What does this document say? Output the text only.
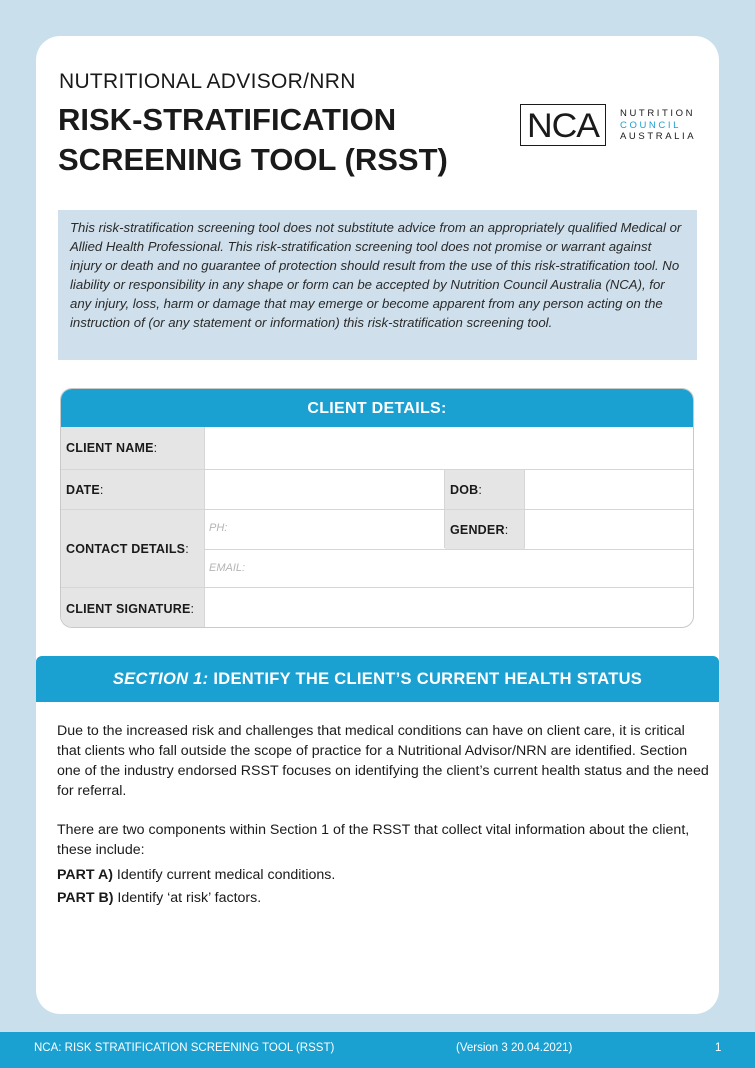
NUTRITIONAL ADVISOR/NRN
RISK-STRATIFICATION
SCREENING TOOL (RSST)
NCA NUTRITION
COUNCIL
AUSTRALIA
This risk-stratification screening tool does not substitute advice from an appropriately qualified Medical or Allied Health Professional. This risk-stratification screening tool does not promise or warrant against injury or death and no guarantee of protection should result from the use of this risk-stratification tool. No liability or responsibility in any shape or form can be accepted by Nutrition Council Australia (NCA), for any injury, loss, harm or damage that may emerge or become apparent from any person acting on the instruction of (or any statement or information) this risk-stratification screening tool.
CLIENT DETAILS:
CLIENT NAME :
DATE :	DOB :
CONTACT DETAILS :
PH:	GENDER :
EMAIL:
CLIENT SIGNATURE :
SECTION 1: IDENTIFY THE CLIENT’S CURRENT HEALTH STATUS
Due to the increased risk and challenges that medical conditions can have on client care, it is critical that clients who fall outside the scope of practice for a Nutritional Advisor/NRN are identified. Section one of the industry endorsed RSST focuses on identifying the client’s current health status and the need for referral.
There are two components within Section 1 of the RSST that collect vital information about the client, these include:
PART A) Identify current medical conditions.
PART B) Identify ‘at risk’ factors.
NCA: RISK STRATIFICATION SCREENING TOOL (RSST)	(Version 3 20.04.2021)	1
